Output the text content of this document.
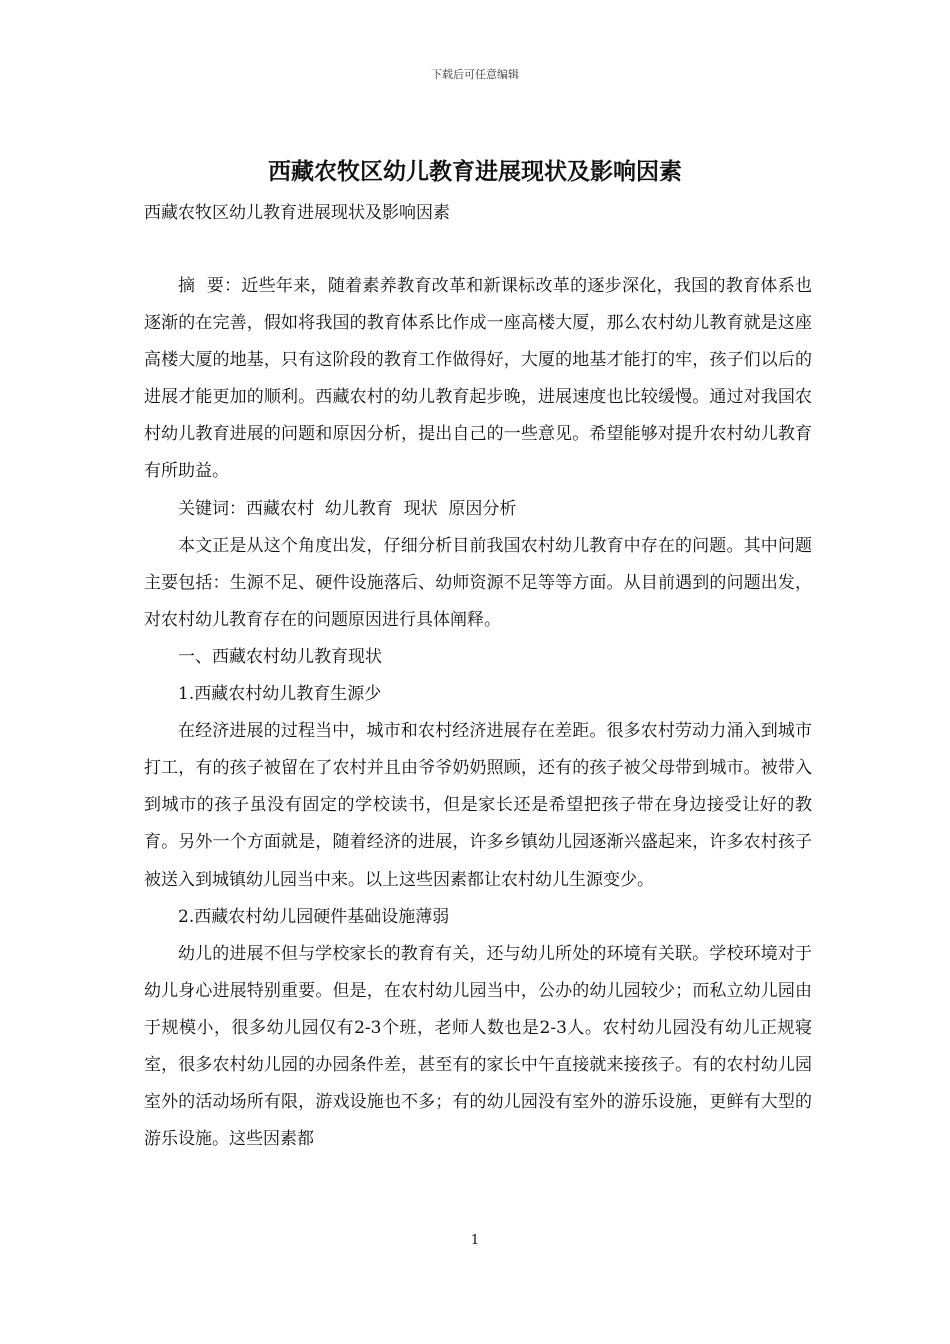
下载后可任意编辑
西藏农牧区幼儿教育进展现状及影响因素

西藏农牧区幼儿教育进展现状及影响因素

摘  要：近些年来，随着素养教育改革和新课标改革的逐步深化，我国的教育体系也逐渐的在完善，假如将我国的教育体系比作成一座高楼大厦，那么农村幼儿教育就是这座高楼大厦的地基，只有这阶段的教育工作做得好，大厦的地基才能打的牢，孩子们以后的进展才能更加的顺利。西藏农村的幼儿教育起步晚，进展速度也比较缓慢。通过对我国农村幼儿教育进展的问题和原因分析，提出自己的一些意见。希望能够对提升农村幼儿教育有所助益。

关键词：西藏农村  幼儿教育  现状  原因分析

本文正是从这个角度出发，仔细分析目前我国农村幼儿教育中存在的问题。其中问题主要包括：生源不足、硬件设施落后、幼师资源不足等等方面。从目前遇到的问题出发，对农村幼儿教育存在的问题原因进行具体阐释。

一、西藏农村幼儿教育现状

1.西藏农村幼儿教育生源少

在经济进展的过程当中，城市和农村经济进展存在差距。很多农村劳动力涌入到城市打工，有的孩子被留在了农村并且由爷爷奶奶照顾，还有的孩子被父母带到城市。被带入到城市的孩子虽没有固定的学校读书，但是家长还是希望把孩子带在身边接受让好的教育。另外一个方面就是，随着经济的进展，许多乡镇幼儿园逐渐兴盛起来，许多农村孩子被送入到城镇幼儿园当中来。以上这些因素都让农村幼儿生源变少。

2.西藏农村幼儿园硬件基础设施薄弱

幼儿的进展不但与学校家长的教育有关，还与幼儿所处的环境有关联。学校环境对于幼儿身心进展特别重要。但是，在农村幼儿园当中，公办的幼儿园较少；而私立幼儿园由于规模小，很多幼儿园仅有2-3个班，老师人数也是2-3人。农村幼儿园没有幼儿正规寝室，很多农村幼儿园的办园条件差，甚至有的家长中午直接就来接孩子。有的农村幼儿园室外的活动场所有限，游戏设施也不多；有的幼儿园没有室外的游乐设施，更鲜有大型的游乐设施。这些因素都

1
